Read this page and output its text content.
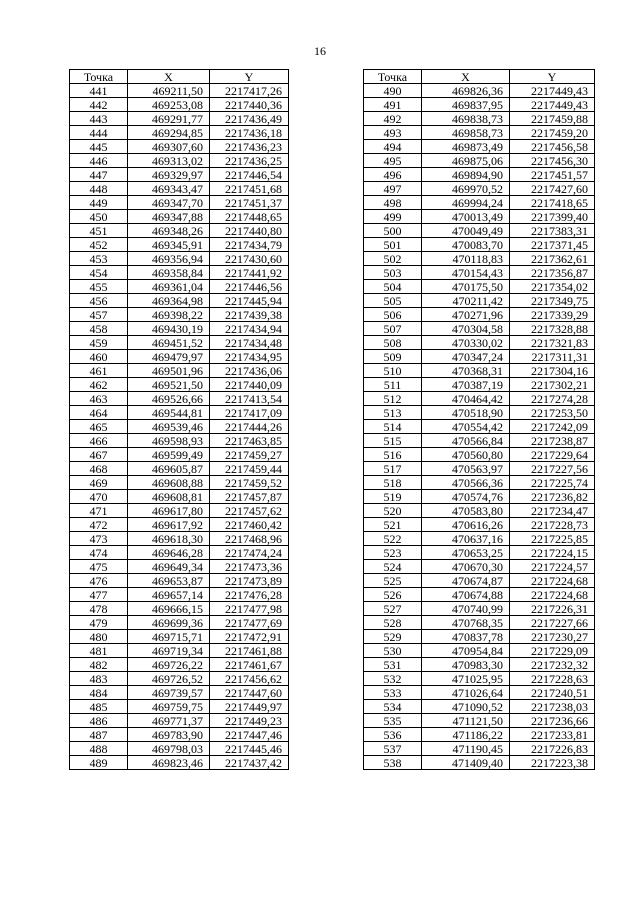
16
Точка	X	Y
441	469211,50	2217417,26
442	469253,08	2217440,36
443	469291,77	2217436,49
444	469294,85	2217436,18
445	469307,60	2217436,23
446	469313,02	2217436,25
447	469329,97	2217446,54
448	469343,47	2217451,68
449	469347,70	2217451,37
450	469347,88	2217448,65
451	469348,26	2217440,80
452	469345,91	2217434,79
453	469356,94	2217430,60
454	469358,84	2217441,92
455	469361,04	2217446,56
456	469364,98	2217445,94
457	469398,22	2217439,38
458	469430,19	2217434,94
459	469451,52	2217434,48
460	469479,97	2217434,95
461	469501,96	2217436,06
462	469521,50	2217440,09
463	469526,66	2217413,54
464	469544,81	2217417,09
465	469539,46	2217444,26
466	469598,93	2217463,85
467	469599,49	2217459,27
468	469605,87	2217459,44
469	469608,88	2217459,52
470	469608,81	2217457,87
471	469617,80	2217457,62
472	469617,92	2217460,42
473	469618,30	2217468,96
474	469646,28	2217474,24
475	469649,34	2217473,36
476	469653,87	2217473,89
477	469657,14	2217476,28
478	469666,15	2217477,98
479	469699,36	2217477,69
480	469715,71	2217472,91
481	469719,34	2217461,88
482	469726,22	2217461,67
483	469726,52	2217456,62
484	469739,57	2217447,60
485	469759,75	2217449,97
486	469771,37	2217449,23
487	469783,90	2217447,46
488	469798,03	2217445,46
489	469823,46	2217437,42
Точка	X	Y
490	469826,36	2217449,43
491	469837,95	2217449,43
492	469838,73	2217459,88
493	469858,73	2217459,20
494	469873,49	2217456,58
495	469875,06	2217456,30
496	469894,90	2217451,57
497	469970,52	2217427,60
498	469994,24	2217418,65
499	470013,49	2217399,40
500	470049,49	2217383,31
501	470083,70	2217371,45
502	470118,83	2217362,61
503	470154,43	2217356,87
504	470175,50	2217354,02
505	470211,42	2217349,75
506	470271,96	2217339,29
507	470304,58	2217328,88
508	470330,02	2217321,83
509	470347,24	2217311,31
510	470368,31	2217304,16
511	470387,19	2217302,21
512	470464,42	2217274,28
513	470518,90	2217253,50
514	470554,42	2217242,09
515	470566,84	2217238,87
516	470560,80	2217229,64
517	470563,97	2217227,56
518	470566,36	2217225,74
519	470574,76	2217236,82
520	470583,80	2217234,47
521	470616,26	2217228,73
522	470637,16	2217225,85
523	470653,25	2217224,15
524	470670,30	2217224,57
525	470674,87	2217224,68
526	470674,88	2217224,68
527	470740,99	2217226,31
528	470768,35	2217227,66
529	470837,78	2217230,27
530	470954,84	2217229,09
531	470983,30	2217232,32
532	471025,95	2217228,63
533	471026,64	2217240,51
534	471090,52	2217238,03
535	471121,50	2217236,66
536	471186,22	2217233,81
537	471190,45	2217226,83
538	471409,40	2217223,38
